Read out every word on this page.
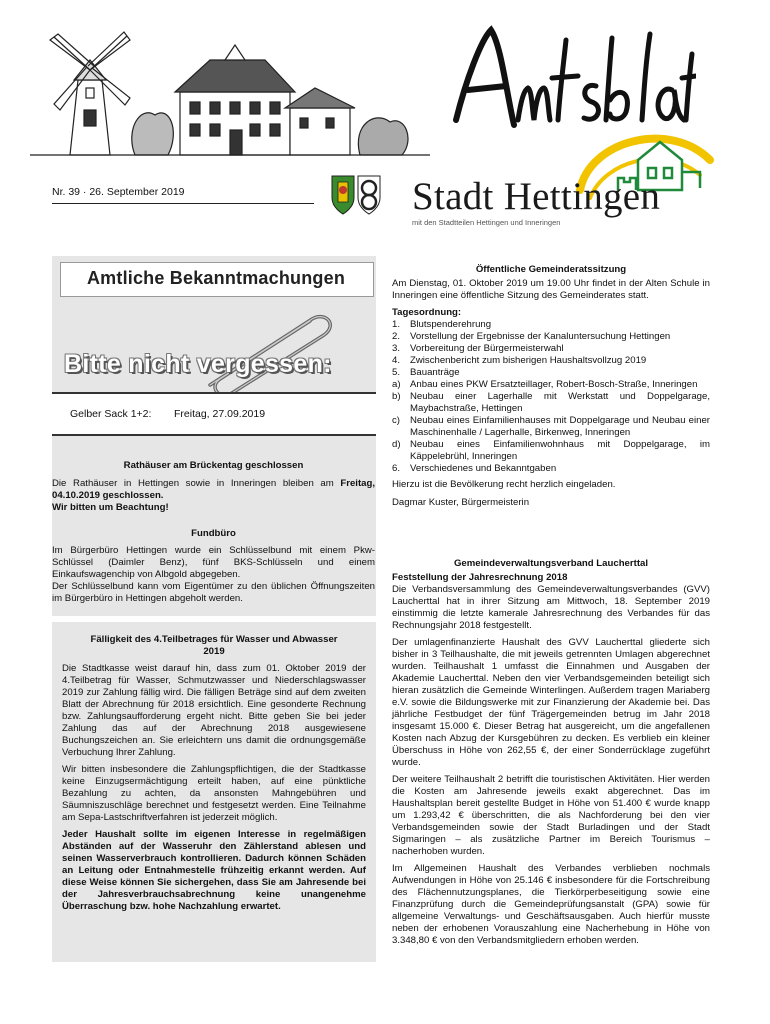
Nr. 39 · 26. September 2019	Stadt Hettingen
mit den Stadtteilen Hettingen und Inneringen
Amtliche Bekanntmachungen
Bitte nicht vergessen:
Gelber Sack 1+2: Freitag, 27.09.2019
Rathäuser am Brückentag geschlossen
Die Rathäuser in Hettingen sowie in Inneringen bleiben am Freitag, 04.10.2019 geschlossen.
Wir bitten um Beachtung!
Fundbüro
Im Bürgerbüro Hettingen wurde ein Schlüsselbund mit einem Pkw-Schlüssel (Daimler Benz), fünf BKS-Schlüsseln und einem Einkaufswagenchip von Albgold abgegeben.
Der Schlüsselbund kann vom Eigentümer zu den üblichen Öffnungszeiten im Bürgerbüro in Hettingen abgeholt werden.
Fälligkeit des 4.Teilbetrages für Wasser und Abwasser 2019
Die Stadtkasse weist darauf hin, dass zum 01. Oktober 2019 der 4.Teilbetrag für Wasser, Schmutzwasser und Niederschlagswasser 2019 zur Zahlung fällig wird. Die fälligen Beträge sind auf dem zweiten Blatt der Abrechnung für 2018 ersichtlich. Eine gesonderte Rechnung bzw. Zahlungsaufforderung ergeht nicht. Bitte geben Sie bei jeder Zahlung das auf der Abrechnung 2018 ausgewiesene Buchungszeichen an. Sie erleichtern uns damit die ordnungsgemäße Verbuchung Ihrer Zahlung.
Wir bitten insbesondere die Zahlungspflichtigen, die der Stadtkasse keine Einzugsermächtigung erteilt haben, auf eine pünktliche Bezahlung zu achten, da ansonsten Mahngebühren und Säumniszuschläge berechnet und festgesetzt werden. Eine Teilnahme am Sepa-Lastschriftverfahren ist jederzeit möglich.
Jeder Haushalt sollte im eigenen Interesse in regelmäßigen Abständen auf der Wasseruhr den Zählerstand ablesen und seinen Wasserverbrauch kontrollieren. Dadurch können Schäden an Leitung oder Entnahmestelle frühzeitig erkannt werden. Auf diese Weise können Sie sichergehen, dass Sie am Jahresende bei der Jahresverbrauchsabrechnung keine unangenehme Überraschung bzw. hohe Nachzahlung erwartet.
Öffentliche Gemeinderatssitzung
Am Dienstag, 01. Oktober 2019 um 19.00 Uhr findet in der Alten Schule in Inneringen eine öffentliche Sitzung des Gemeinderates statt.
Tagesordnung:
1.	Blutspenderehrung
2.	Vorstellung der Ergebnisse der Kanaluntersuchung Hettingen
3.	Vorbereitung der Bürgermeisterwahl
4.	Zwischenbericht zum bisherigen Haushaltsvollzug 2019
5.	Bauanträge
a) Anbau eines PKW Ersatzteillager, Robert-Bosch-Straße, Inneringen
b) Neubau einer Lagerhalle mit Werkstatt und Doppelgarage, Maybachstraße, Hettingen
c)	Neubau eines Einfamilienhauses mit Doppelgarage und Neubau einer Maschinenhalle / Lagerhalle, Birkenweg, Inneringen
d) Neubau eines Einfamilienwohnhaus mit Doppelgarage, im Käppelebrühl, Inneringen
6.	Verschiedenes und Bekanntgaben
Hierzu ist die Bevölkerung recht herzlich eingeladen.
Dagmar Kuster, Bürgermeisterin
Gemeindeverwaltungsverband Laucherttal
Feststellung der Jahresrechnung 2018
Die Verbandsversammlung des Gemeindeverwaltungsverbandes (GVV) Laucherttal hat in ihrer Sitzung am Mittwoch, 18. September 2019 einstimmig die letzte kamerale Jahresrechnung des Verbandes für das Rechnungsjahr 2018 festgestellt.
Der umlagenfinanzierte Haushalt des GVV Laucherttal gliederte sich bisher in 3 Teilhaushalte, die mit jeweils getrennten Umlagen abgerechnet wurden. Teilhaushalt 1 umfasst die Einnahmen und Ausgaben der Akademie Laucherttal. Neben den vier Verbandsgemeinden beteiligt sich hieran zusätzlich die Gemeinde Winterlingen. Außerdem tragen Mariaberg e.V. sowie die Bildungswerke mit zur Finanzierung der Akademie bei. Das jährliche Festbudget der fünf Trägergemeinden betrug im Jahr 2018 insgesamt 15.000 €. Dieser Betrag hat ausgereicht, um die angefallenen Kosten nach Abzug der Kursgebühren zu decken. Es verblieb ein kleiner Überschuss in Höhe von 262,55 €, der einer Sonderrücklage zugeführt wurde.
Der weitere Teilhaushalt 2 betrifft die touristischen Aktivitäten. Hier werden die Kosten am Jahresende jeweils exakt abgerechnet. Das im Haushaltsplan bereit gestellte Budget in Höhe von 51.400 € wurde knapp um 1.293,42 € überschritten, die als Nachforderung bei den vier Verbandsgemeinden sowie der Stadt Burladingen und der Stadt Sigmaringen – als zusätzliche Partner im Bereich Tourismus – nacherhoben wurden.
Im Allgemeinen Haushalt des Verbandes verblieben nochmals Aufwendungen in Höhe von 25.146 € insbesondere für die Fortschreibung des Flächennutzungsplanes, die Tierkörperbeseitigung sowie eine Finanzprüfung durch die Gemeindeprüfungsanstalt (GPA) sowie für allgemeine Verwaltungs- und Geschäftsausgaben. Auch hierfür musste neben der erhobenen Vorauszahlung eine Nacherhebung in Höhe von 3.348,80 € von den Verbandsmitgliedern erhoben werden.
